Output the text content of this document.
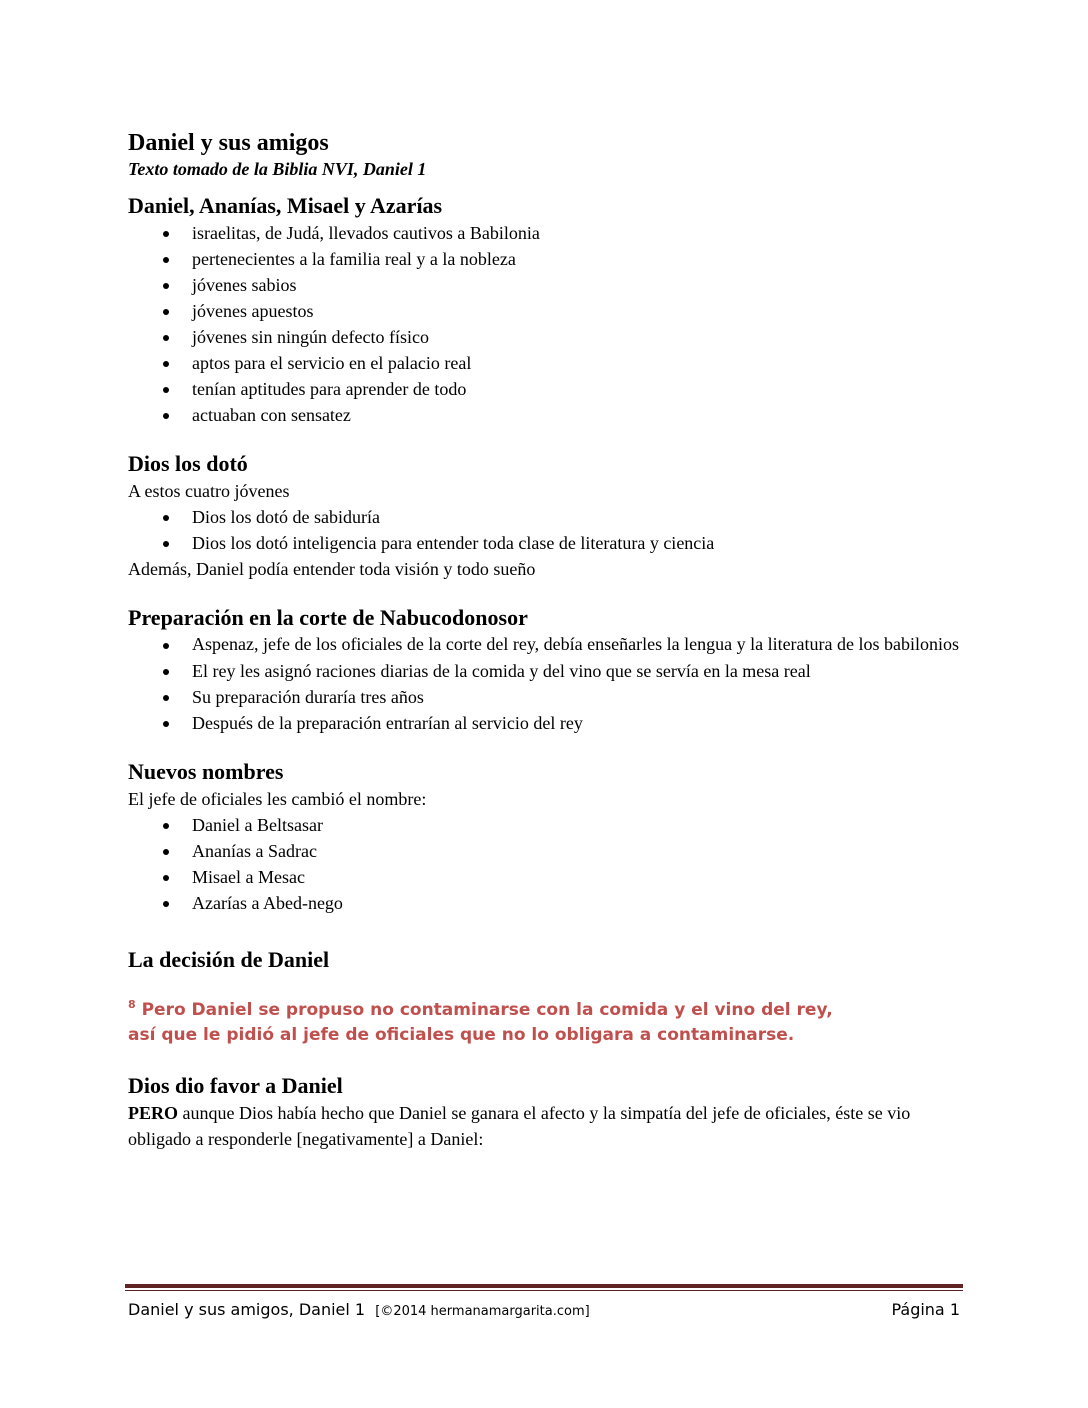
Daniel y sus amigos
Texto tomado de la Biblia NVI, Daniel 1
Daniel, Ananías, Misael y Azarías
israelitas, de Judá, llevados cautivos a Babilonia
pertenecientes a la familia real y a la nobleza
jóvenes sabios
jóvenes apuestos
jóvenes sin ningún defecto físico
aptos para el servicio en el palacio real
tenían aptitudes para aprender de todo
actuaban con sensatez
Dios los dotó

A estos cuatro jóvenes

Dios los dotó de sabiduría
Dios los dotó inteligencia para entender toda clase de literatura y ciencia

Además, Daniel podía entender toda visión y todo sueño

Preparación en la corte de Nabucodonosor
Aspenaz, jefe de los oficiales de la corte del rey, debía enseñarles la lengua y la literatura de los babilonios
El rey les asignó raciones diarias de la comida y del vino que se servía en la mesa real
Su preparación duraría tres años
Después de la preparación entrarían al servicio del rey
Nuevos nombres

El jefe de oficiales les cambió el nombre:

Daniel a Beltsasar
Ananías a Sadrac
Misael a Mesac
Azarías a Abed-nego
La decisión de Daniel
$^8$ Pero Daniel se propuso no contaminarse con la comida y el vino del rey,
así que le pidió al jefe de oficiales que no lo obligara a contaminarse.
Dios dio favor a Daniel

PERO aunque Dios había hecho que Daniel se ganara el afecto y la simpatía del jefe de oficiales, éste se vio obligado a responderle [negativamente] a Daniel:

Daniel y sus amigos, Daniel 1 [©2014 hermanamargarita.com]	Página 1
